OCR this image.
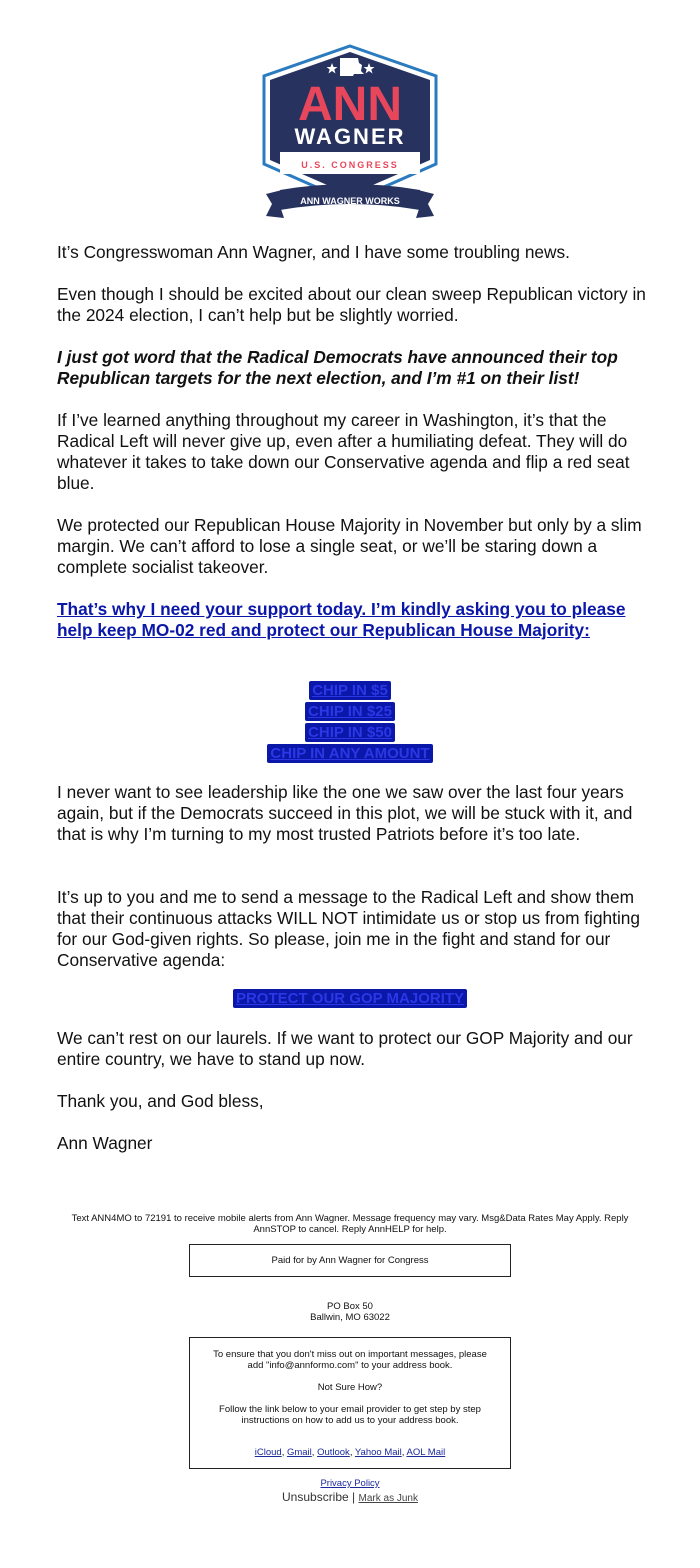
ANN
WAGNER
U.S. CONGRESS
ANN WAGNER WORKS

It’s Congresswoman Ann Wagner, and I have some troubling news.

Even though I should be excited about our clean sweep Republican victory in the 2024 election, I can’t help but be slightly worried.

I just got word that the Radical Democrats have announced their top Republican targets for the next election, and I’m #1 on their list!

If I’ve learned anything throughout my career in Washington, it’s that the Radical Left will never give up, even after a humiliating defeat. They will do whatever it takes to take down our Conservative agenda and flip a red seat blue.

We protected our Republican House Majority in November but only by a slim margin. We can’t afford to lose a single seat, or we’ll be staring down a complete socialist takeover.

That’s why I need your support today. I’m kindly asking you to please help keep MO-02 red and protect our Republican House Majority:
CHIP IN $5
CHIP IN $25
CHIP IN $50
CHIP IN ANY AMOUNT

I never want to see leadership like the one we saw over the last four years again, but if the Democrats succeed in this plot, we will be stuck with it, and that is why I’m turning to my most trusted Patriots before it’s too late.

It’s up to you and me to send a message to the Radical Left and show them that their continuous attacks WILL NOT intimidate us or stop us from fighting for our God-given rights. So please, join me in the fight and stand for our Conservative agenda:

PROTECT OUR GOP MAJORITY

We can’t rest on our laurels. If we want to protect our GOP Majority and our entire country, we have to stand up now.

Thank you, and God bless,

Ann Wagner

Text ANN4MO to 72191 to receive mobile alerts from Ann Wagner. Message frequency may vary. Msg&Data Rates May Apply. Reply AnnSTOP to cancel. Reply AnnHELP for help.
Paid for by Ann Wagner for Congress
PO Box 50
Ballwin, MO 63022
To ensure that you don't miss out on important messages, please add "info@annformo.com" to your address book.
Not Sure How?
Follow the link below to your email provider to get step by step instructions on how to add us to your address book.
iCloud, Gmail, Outlook, Yahoo Mail, AOL Mail
Privacy Policy
Unsubscribe | Mark as Junk
